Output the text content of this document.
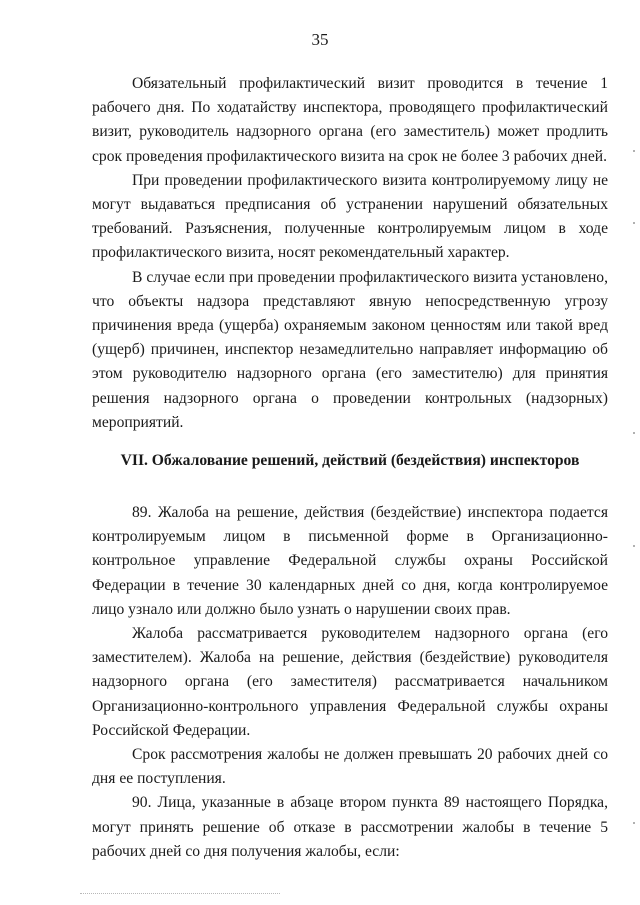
35

Обязательный профилактический визит проводится в течение 1 рабочего дня. По ходатайству инспектора, проводящего профилактический визит, руководитель надзорного органа (его заместитель) может продлить срок проведения профилактического визита на срок не более 3 рабочих дней.

При проведении профилактического визита контролируемому лицу не могут выдаваться предписания об устранении нарушений обязательных требований. Разъяснения, полученные контролируемым лицом в ходе профилактического визита, носят рекомендательный характер.

В случае если при проведении профилактического визита установлено, что объекты надзора представляют явную непосредственную угрозу причинения вреда (ущерба) охраняемым законом ценностям или такой вред (ущерб) причинен, инспектор незамедлительно направляет информацию об этом руководителю надзорного органа (его заместителю) для принятия решения надзорного органа о проведении контрольных (надзорных) мероприятий.

VII. Обжалование решений, действий (бездействия) инспекторов

89. Жалоба на решение, действия (бездействие) инспектора подается контролируемым лицом в письменной форме в Организационно-контрольное управление Федеральной службы охраны Российской Федерации в течение 30 календарных дней со дня, когда контролируемое лицо узнало или должно было узнать о нарушении своих прав.

Жалоба рассматривается руководителем надзорного органа (его заместителем). Жалоба на решение, действия (бездействие) руководителя надзорного органа (его заместителя) рассматривается начальником Организационно-контрольного управления Федеральной службы охраны Российской Федерации.

Срок рассмотрения жалобы не должен превышать 20 рабочих дней со дня ее поступления.

90. Лица, указанные в абзаце втором пункта 89 настоящего Порядка, могут принять решение об отказе в рассмотрении жалобы в течение 5 рабочих дней со дня получения жалобы, если:
